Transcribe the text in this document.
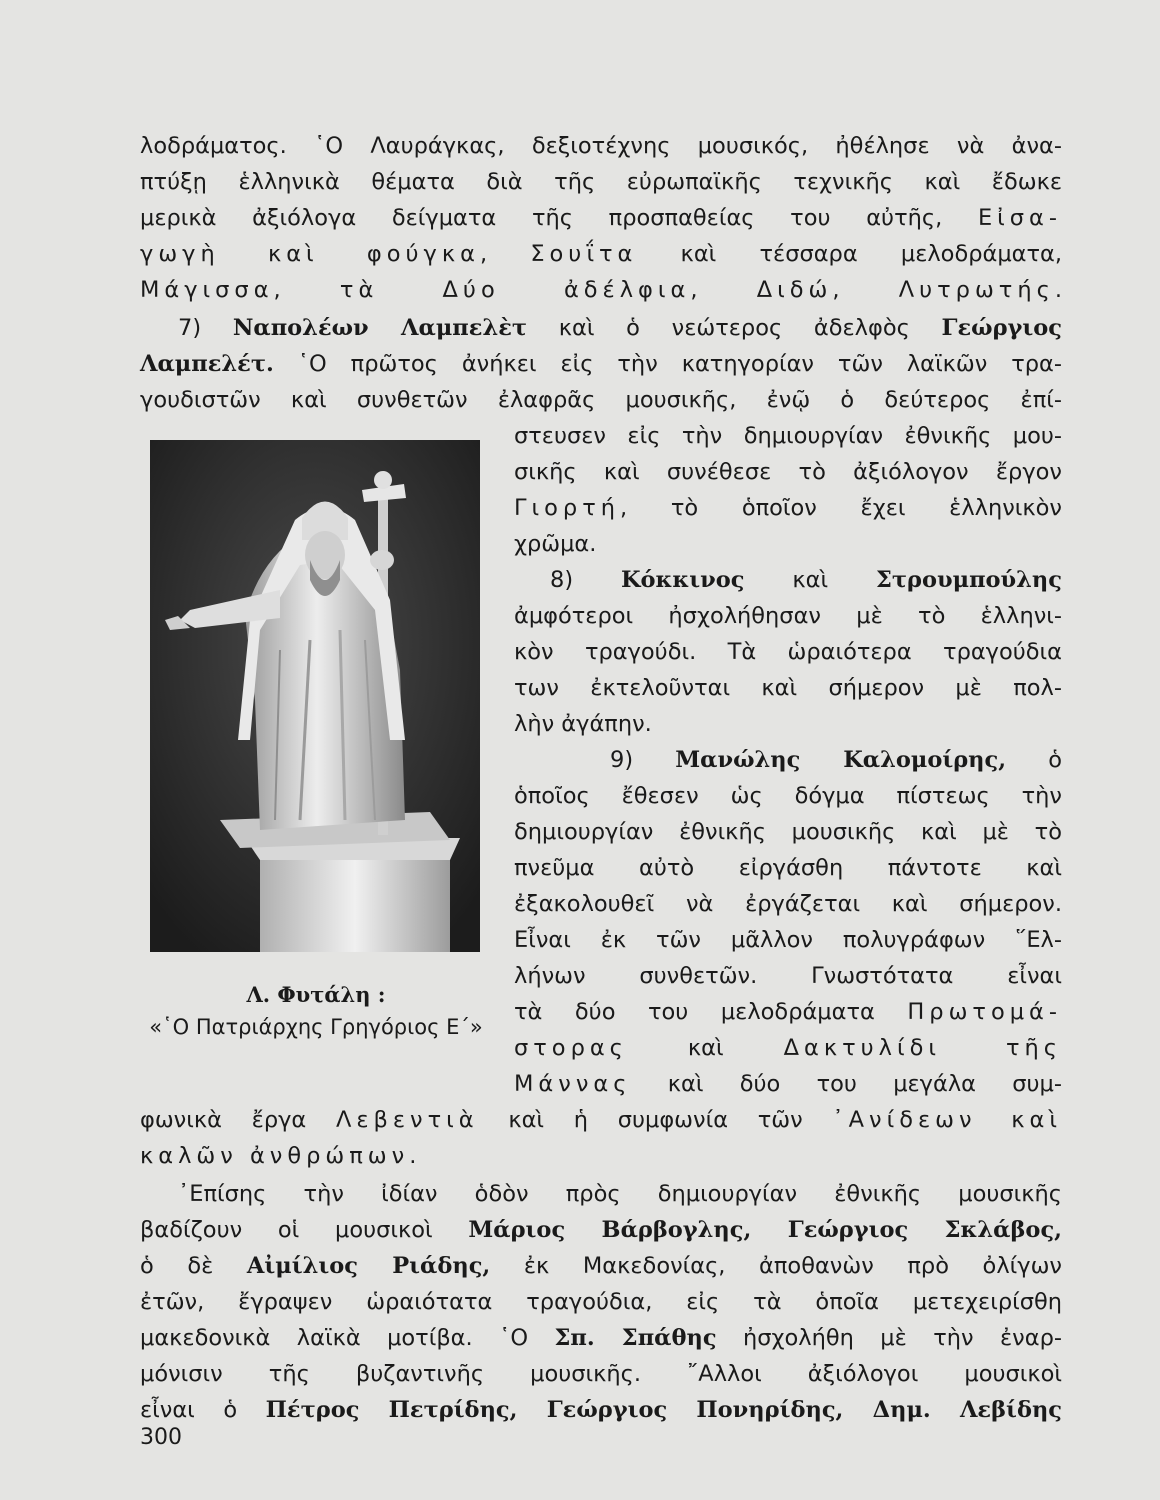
λοδράματος. ῾Ο Λαυράγκας, δεξιοτέχνης μουσικός, ἠθέλησε νὰ ἀνα-
πτύξῃ ἑλληνικὰ θέματα διὰ τῆς εὐρωπαϊκῆς τεχνικῆς καὶ ἔδωκε
μερικὰ ἀξιόλογα δείγματα τῆς προσπαθείας του αὐτῆς, Εἰσα-
γωγὴ καὶ φούγκα, Σουΐτα καὶ τέσσαρα μελοδράματα,
Μάγισσα, τὰ Δύο ἀδέλφια, Διδώ, Λυτρωτής.
7) Ναπολέων Λαμπελὲτ καὶ ὁ νεώτερος ἀδελφὸς Γεώργιος
Λαμπελέτ. ῾Ο πρῶτος ἀνήκει εἰς τὴν κατηγορίαν τῶν λαϊκῶν τρα-
γουδιστῶν καὶ συνθετῶν ἐλαφρᾶς μουσικῆς, ἐνῷ ὁ δεύτερος ἐπί-
στευσεν εἰς τὴν δημιουργίαν ἐθνικῆς μου-
σικῆς καὶ συνέθεσε τὸ ἀξιόλογον ἔργον
Γιορτή, τὸ ὁποῖον ἔχει ἑλληνικὸν
χρῶμα.
8) Κόκκινος καὶ Στρουμπούλης
ἀμφότεροι ἠσχολήθησαν μὲ τὸ ἑλληνι-
κὸν τραγούδι. Τὰ ὡραιότερα τραγούδια
των ἐκτελοῦνται καὶ σήμερον μὲ πολ-
λὴν ἀγάπην.
9) Μανώλης Καλομοίρης, ὁ
ὁποῖος ἔθεσεν ὡς δόγμα πίστεως τὴν
δημιουργίαν ἐθνικῆς μουσικῆς καὶ μὲ τὸ
πνεῦμα αὐτὸ εἰργάσθη πάντοτε καὶ
ἐξακολουθεῖ νὰ ἐργάζεται καὶ σήμερον.
Εἶναι ἐκ τῶν μᾶλλον πολυγράφων ῞Ελ-
λήνων συνθετῶν. Γνωστότατα εἶναι
τὰ δύο του μελοδράματα Πρωτομά-
στορας καὶ Δακτυλίδι τῆς
Μάννας καὶ δύο του μεγάλα συμ-
φωνικὰ ἔργα Λεβεντιὰ καὶ ἡ συμφωνία τῶν ᾿Ανίδεων καὶ
καλῶν ἀνθρώπων.
᾿Επίσης τὴν ἰδίαν ὁδὸν πρὸς δημιουργίαν ἐθνικῆς μουσικῆς
βαδίζουν οἱ μουσικοὶ Μάριος Βάρβογλης, Γεώργιος Σκλάβος,
ὁ δὲ Αἰμίλιος Ριάδης, ἐκ Μακεδονίας, ἀποθανὼν πρὸ ὀλίγων
ἐτῶν, ἔγραψεν ὡραιότατα τραγούδια, εἰς τὰ ὁποῖα μετεχειρίσθη
μακεδονικὰ λαϊκὰ μοτίβα. ῾Ο Σπ. Σπάθης ἠσχολήθη μὲ τὴν ἐναρ-
μόνισιν τῆς βυζαντινῆς μουσικῆς. ῎Αλλοι ἀξιόλογοι μουσικοὶ
εἶναι ὁ Πέτρος Πετρίδης, Γεώργιος Πονηρίδης, Δημ. Λεβίδης
Λ. Φυτάλη :
«῾Ο Πατριάρχης Γρηγόριος Ε΄»
300
